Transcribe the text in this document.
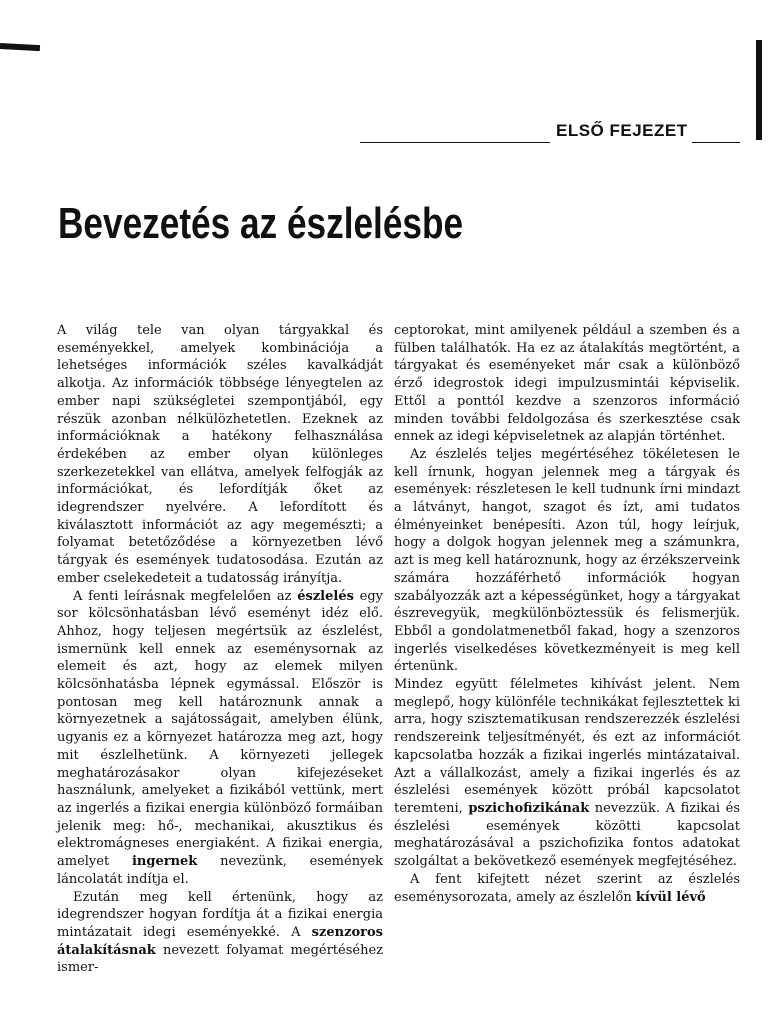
ELSŐ FEJEZET
Bevezetés az észlelésbe

A világ tele van olyan tárgyakkal és eseményekkel, amelyek kombinációja a lehetséges információk széles kavalkádját alkotja. Az információk többsége lényegtelen az ember napi szükségletei szempontjából, egy részük azonban nélkülözhetetlen. Ezeknek az információknak a hatékony felhasználása érdekében az ember olyan különleges szerkezetekkel van ellátva, amelyek felfogják az információkat, és lefordítják őket az idegrendszer nyelvére. A lefordított és kiválasztott információt az agy megemészti; a folyamat betetőződése a környezetben lévő tárgyak és események tudatosodása. Ezután az ember cselekedeteit a tudatosság irányítja.

A fenti leírásnak megfelelően az észlelés egy sor kölcsönhatásban lévő eseményt idéz elő. Ahhoz, hogy teljesen megértsük az észlelést, ismernünk kell ennek az eseménysornak az elemeit és azt, hogy az elemek milyen kölcsönhatásba lépnek egymással. Először is pontosan meg kell határoznunk annak a környezetnek a sajátosságait, amelyben élünk, ugyanis ez a környezet határozza meg azt, hogy mit észlelhetünk. A környezeti jellegek meghatározásakor olyan kifejezéseket használunk, amelyeket a fizikából vettünk, mert az ingerlés a fizikai energia különböző formáiban jelenik meg: hő-, mechanikai, akusztikus és elektromágneses energiaként. A fizikai energia, amelyet ingernek nevezünk, események láncolatát indítja el.

Ezután meg kell értenünk, hogy az idegrendszer hogyan fordítja át a fizikai energia mintázatait idegi eseményekké. A szenzoros átalakításnak nevezett folyamat megértéséhez ismer-

ceptorokat, mint amilyenek például a szemben és a fülben találhatók. Ha ez az átalakítás megtörtént, a tárgyakat és eseményeket már csak a különböző érző idegrostok idegi impulzusmintái képviselik. Ettől a ponttól kezdve a szenzoros információ minden további feldolgozása és szerkesztése csak ennek az idegi képviseletnek az alapján történhet.

Az észlelés teljes megértéséhez tökéletesen le kell írnunk, hogyan jelennek meg a tárgyak és események: részletesen le kell tudnunk írni mindazt a látványt, hangot, szagot és ízt, ami tudatos élményeinket benépesíti. Azon túl, hogy leírjuk, hogy a dolgok hogyan jelennek meg a számunkra, azt is meg kell határoznunk, hogy az érzékszerveink számára hozzáférhető információk hogyan szabályozzák azt a képességünket, hogy a tárgyakat észrevegyük, megkülönböztessük és felismerjük. Ebből a gondolatmenetből fakad, hogy a szenzoros ingerlés viselkedéses következményeit is meg kell értenünk.

Mindez együtt félelmetes kihívást jelent. Nem meglepő, hogy különféle technikákat fejlesztettek ki arra, hogy szisztematikusan rendszerezzék észlelési rendszereink teljesítményét, és ezt az információt kapcsolatba hozzák a fizikai ingerlés mintázataival. Azt a vállalkozást, amely a fizikai ingerlés és az észlelési események között próbál kapcsolatot teremteni, pszichofizikának nevezzük. A fizikai és észlelési események közötti kapcsolat meghatározásával a pszichofizika fontos adatokat szolgáltat a bekövetkező események megfejtéséhez.

A fent kifejtett nézet szerint az észlelés eseménysorozata, amely az észlelőn kívül lévő
